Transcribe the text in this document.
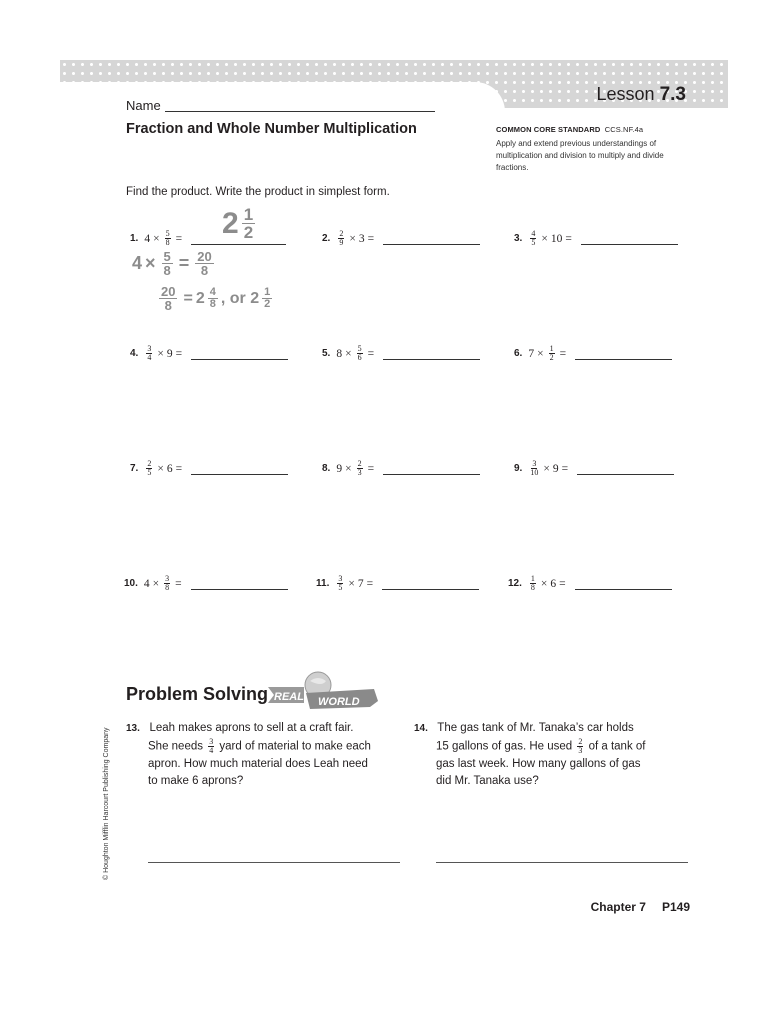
Lesson 7.3
Name
Fraction and Whole Number Multiplication	COMMON CORE STANDARD CCS.NF.4a
Apply and extend previous understandings of multiplication and division to multiply and divide fractions.
Find the product. Write the product in simplest form.
1. $4 \times \frac{5}{8}$ =	2. $\frac{2}{9} \times 3$ =	3. $\frac{4}{5} \times 10$ =
4. $\frac{3}{4} \times 9$ =	5. $8 \times \frac{5}{6}$ =	6. $7 \times \frac{1}{2}$ =
7. $\frac{2}{5} \times 6$ =	8. $9 \times \frac{2}{3}$ =	9. $\frac{3}{10} \times 9$ =
10. $4 \times \frac{3}{8}$ =	11. $\frac{3}{5} \times 7$ =	12. $\frac{1}{8} \times 6$ =
2 1
2
$4 \times \frac{5}{8} = \frac{20}{8}$
$\frac{20}{8} = 2$ 4
8 , or
2 1
2
Problem Solving REAL WORLD
13. Leah makes aprons to sell at a craft fair.
She needs $\frac{3}{4}$ yard of material to make each
apron. How much material does Leah need
to make 6 aprons?
14. The gas tank of Mr. Tanaka’s car holds
15 gallons of gas. He used $\frac{2}{3}$ of a tank of
gas last week. How many gallons of gas
did Mr. Tanaka use?
© Houghton Mifflin Harcourt Publishing Company
Chapter 7 P149
